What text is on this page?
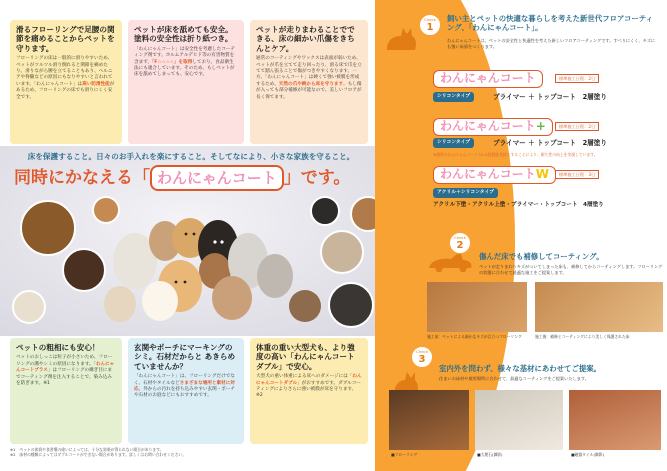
滑るフローリングで足腰の関節を痛めることからペットを守ります。

フローリングの床は一般的に滑りやすいため、ペットがツルツル滑り倒れると関節を痛めたり、滑りながら腰を立てることもあり、ヘルニアや脊髄などの原因にもなりやすいと言われています。「わんにゃんコート」は高い防滑性能があるため、フローリングの床でも滑りにくく安全です。

ペットが床を舐めても安全。塗料の安全性は折り紙つき。

「わんにゃんコート」は安全性を考慮したコーティング剤です。ホルムアルデヒド等の有害物質を含まず、「F☆☆☆☆」を取得しており、食品衛生法にも適合しています。そのため、もしペットが床を舐めてしまっても、安心です。

ペットが走りまわることでできる、床の細かい爪傷をきちんとケア。

通常のコーティングやワックスは表面が弱いため、ペットが爪を立てて走り回ったり、滑る床で爪を立てて踏ん張ることで傷がつきやすくなります。一方、「わんにゃんコート」は硬くて強い被膜を形成するため、天然の爪や鉤から床を守ります。もし傷が入っても部分補修が可能なので、美しいフロアが長く保てます。

床を保護すること。日々のお手入れを楽にすること。そしてなにより、小さな家族を守ること。
同時にかなえる「 わんにゃんコート 」です。
ペットの粗相にも安心！

ペットのおしっこは粒子が小さいため、フローリングの溝やシミの原因になります。「わんにゃんコートプラス」はフローリングの継ぎ目にまでコーティング剤を注入することで、染み込みを防ぎます。※1

玄関やポーチにマーキングのシミ。石材だからと あきらめていませんか？

「わんにゃんコート」は、フローリングだけでなく、石材やタイルなどさまざまな場所と素材に対応。外からの汚れを持ち込みやすい玄関・ポーチや石材のお庭などにもおすすめです。

体重の重い大型犬も、より強度の高い「わんにゃんコートダブル」で安心。

大型犬の重い体重による床へのダメージには「わんにゃんコートダブル」がおすすめです。ダブルコーティングによりさらに強い被膜が床を守ります。※2

※1　ペットの体質や食習慣の違いによっては、十分な効果が得られない場合があります。
※2　床材の種類によってはダブルコートができない場合があります。詳しくはお問い合わせください。
Check
1
飼い主とペットの快適な暮らしを考えた新世代フロアコーティング、「わんにゃんコート」。
わんにゃんコートは、ペットの安全性と快適性を考えた新しいフロアコーティングです。すべりにくく、キズにも強い床面をつくります。
わんにゃんコート	標準施工日程：2日
シリコンタイプ	プライマー ＋ トップコート　2層塗り
わんにゃんコート+	標準施工日程：2日
シリコンタイプ	プライマー ＋ トップコート　2層塗り
※通常のわんにゃんコートの1.5倍程度長持ちすることにより、耐久性の向上を実現しています。
わんにゃんコートW	標準施工日程：3日
アクリル＋シリコンタイプ
アクリル下塗・アクリル上塗・プライマー・トップコート　4層塗り
Check
2
傷んだ床でも補修してコーティング。
ペットが走りまわりキズがついてしまった床も、補修してからコーティングします。フローリングの状態に合わせて最適な施工をご提案します。
施工前：ペットによる細かなキズが目立つフローリング	施工後：補修とコーティングにより美しく保護された床
Check
3
室内外を問わず、様々な基材にあわせてご提案。
住まいの床材や使用場所に合わせて、最適なコーティングをご提案いたします。
■フローリング	■大理石(御影)	■磁器タイル(御影)
